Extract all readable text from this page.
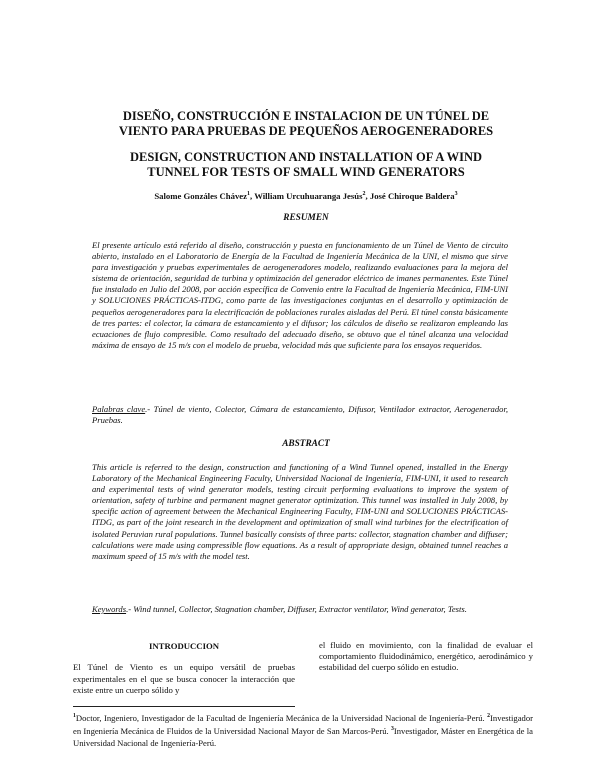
DISEÑO, CONSTRUCCIÓN E INSTALACION DE UN TÚNEL DE
VIENTO PARA PRUEBAS DE PEQUEÑOS AEROGENERADORES
DESIGN, CONSTRUCTION AND INSTALLATION OF A WIND
TUNNEL FOR TESTS OF SMALL WIND GENERATORS
Salome Gonzáles Chávez$^1$, William Urcuhuaranga Jesús$^2$, José Chiroque Baldera$^3$
RESUMEN
El presente artículo está referido al diseño, construcción y puesta en funcionamiento de un Túnel de Viento de circuito abierto, instalado en el Laboratorio de Energía de la Facultad de Ingeniería Mecánica de la UNI, el mismo que sirve para investigación y pruebas experimentales de aerogeneradores modelo, realizando evaluaciones para la mejora del sistema de orientación, seguridad de turbina y optimización del generador eléctrico de imanes permanentes. Este Túnel fue instalado en Julio del 2008, por acción específica de Convenio entre la Facultad de Ingeniería Mecánica, FIM-UNI y SOLUCIONES PRÁCTICAS-ITDG, como parte de las investigaciones conjuntas en el desarrollo y optimización de pequeños aerogeneradores para la electrificación de poblaciones rurales aisladas del Perú. El túnel consta básicamente de tres partes: el colector, la cámara de estancamiento y el difusor; los cálculos de diseño se realizaron empleando las ecuaciones de flujo compresible. Como resultado del adecuado diseño, se obtuvo que el túnel alcanza una velocidad máxima de ensayo de 15 m/s con el modelo de prueba, velocidad más que suficiente para los ensayos requeridos.
Palabras clave.- Túnel de viento, Colector, Cámara de estancamiento, Difusor, Ventilador extractor, Aerogenerador, Pruebas.
ABSTRACT
This article is referred to the design, construction and functioning of a Wind Tunnel opened, installed in the Energy Laboratory of the Mechanical Engineering Faculty, Universidad Nacional de Ingeniería, FIM-UNI, it used to research and experimental tests of wind generator models, testing circuit performing evaluations to improve the system of orientation, safety of turbine and permanent magnet generator optimization. This tunnel was installed in July 2008, by specific action of agreement between the Mechanical Engineering Faculty, FIM-UNI and SOLUCIONES PRÁCTICAS-ITDG, as part of the joint research in the development and optimization of small wind turbines for the electrification of isolated Peruvian rural populations. Tunnel basically consists of three parts: collector, stagnation chamber and diffuser; calculations were made using compressible flow equations. As a result of appropriate design, obtained tunnel reaches a maximum speed of 15 m/s with the model test.
Keywords.- Wind tunnel, Collector, Stagnation chamber, Diffuser, Extractor ventilator, Wind generator, Tests.
INTRODUCCION
El Túnel de Viento es un equipo versátil de pruebas experimentales en el que se busca conocer la interacción que existe entre un cuerpo sólido y
el fluido en movimiento, con la finalidad de evaluar el comportamiento fluidodinámico, energético, aerodinámico y estabilidad del cuerpo sólido en estudio.
$^1$Doctor, Ingeniero, Investigador de la Facultad de Ingeniería Mecánica de la Universidad Nacional de Ingeniería-Perú. $^2$Investigador en Ingeniería Mecánica de Fluidos de la Universidad Nacional Mayor de San Marcos-Perú. $^3$Investigador, Máster en Energética de la Universidad Nacional de Ingeniería-Perú.
